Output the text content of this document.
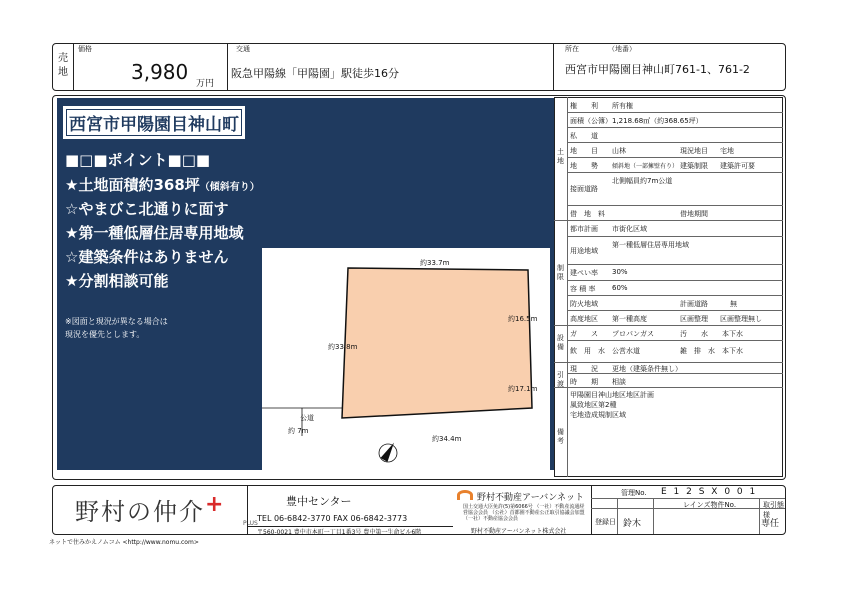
売
地
価格
3,980 万円
交通
阪急甲陽線「甲陽園」駅徒歩16分
所在	（地番）
西宮市甲陽園目神山町761-1、761-2
西宮市甲陽園目神山町
■□■ポイント■□■
★土地面積約368坪（傾斜有り）
☆やまびこ北通りに面す
★第一種低層住居専用地域
☆建築条件はありません
★分割相談可能
※図面と現況が異なる場合は
現況を優先とします。
約33.7m
約16.5m
約33.8m
約17.1m
約34.4m
公道
約 7m
土
地
制
限
設
備
引
渡
備
考
権　　利 所有権
面積（公簿） 1,218.68㎡（約368.65坪）
私　　道
地　　目 山林	現況地目 宅地
地　　勢 傾斜地（一部擁壁有り） 建築制限 建築許可要
接面道路
北側幅員約7m公道
借　地　料	借地期間
都市計画 市街化区域
用途地域
第一種低層住居専用地域
建ぺい率 30%
容 積 率 60%
防火地域	計画道路	無
高度地区 第一種高度	区画整理 区画整理無し
ガ　　ス プロパンガス	汚　　水 本下水
飲　用　水 公営水道	雑　排　水 本下水
現　　況 更地（建築条件無し）
時　　期 相談
甲陽園目神山地区地区計画
風致地区第2種
宅地造成規制区域
野村の仲介+
PLUS
豊中センター
TEL 06-6842-3770 FAX 06-6842-3773
〒560-0021 豊中市本町一丁目1番3号 豊中第一生命ビル6階
野村不動産アーバンネット
国土交通大臣免許(5)第6066号 （一社）不動産流通経営協会会員 （公社）首都圏不動産公正取引協議会加盟 （一社）不動産協会会員
野村不動産アーバンネット株式会社
管理No. E 1 2 S X 0 0 1
レインズ物件No.	取引態様
登録日 鈴木	専任
ネットで住みかえノムコム <http://www.nomu.com>
